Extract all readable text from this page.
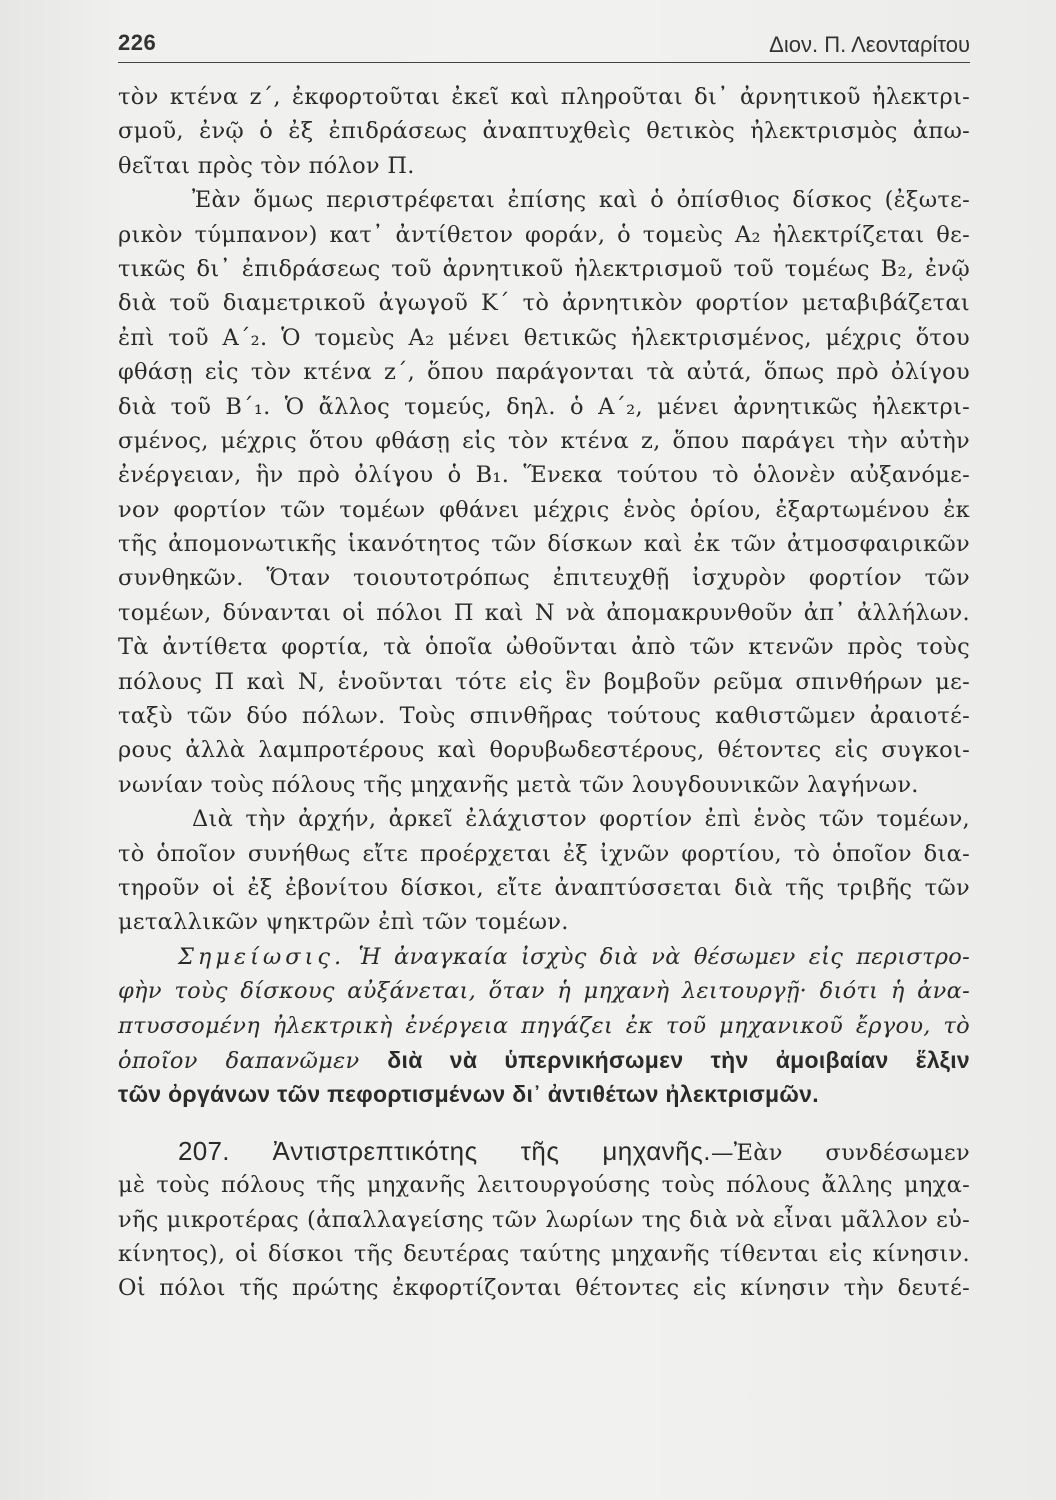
226	Διον. Π. Λεονταρίτου
τὸν κτένα z΄, ἐκφορτοῦται ἐκεῖ καὶ πληροῦται δι᾿ ἀρνητικοῦ ἠλεκτρι-
σμοῦ, ἐνῷ ὁ ἐξ ἐπιδράσεως ἀναπτυχθεὶς θετικὸς ἠλεκτρισμὸς ἀπω-
θεῖται πρὸς τὸν πόλον Π.
Ἐὰν ὅμως περιστρέφεται ἐπίσης καὶ ὁ ὀπίσθιος δίσκος (ἐξωτε-
ρικὸν τύμπανον) κατ᾿ ἀντίθετον φοράν, ὁ τομεὺς Α₂ ἠλεκτρίζεται θε-
τικῶς δι᾿ ἐπιδράσεως τοῦ ἀρνητικοῦ ἠλεκτρισμοῦ τοῦ τομέως Β₂, ἐνῷ
διὰ τοῦ διαμετρικοῦ ἀγωγοῦ Κ΄ τὸ ἀρνητικὸν φορτίον μεταβιβάζεται
ἐπὶ τοῦ Α΄₂. Ὁ τομεὺς Α₂ μένει θετικῶς ἠλεκτρισμένος, μέχρις ὅτου
φθάσῃ εἰς τὸν κτένα z΄, ὅπου παράγονται τὰ αὐτά, ὅπως πρὸ ὀλίγου
διὰ τοῦ Β΄₁. Ὁ ἄλλος τομεύς, δηλ. ὁ Α΄₂, μένει ἀρνητικῶς ἠλεκτρι-
σμένος, μέχρις ὅτου φθάσῃ εἰς τὸν κτένα z, ὅπου παράγει τὴν αὐτὴν
ἐνέργειαν, ἣν πρὸ ὀλίγου ὁ Β₁. Ἕνεκα τούτου τὸ ὁλονὲν αὐξανόμε-
νον φορτίον τῶν τομέων φθάνει μέχρις ἑνὸς ὁρίου, ἐξαρτωμένου ἐκ
τῆς ἀπομονωτικῆς ἱκανότητος τῶν δίσκων καὶ ἐκ τῶν ἀτμοσφαιρικῶν
συνθηκῶν. Ὅταν τοιουτοτρόπως ἐπιτευχθῇ ἰσχυρὸν φορτίον τῶν
τομέων, δύνανται οἱ πόλοι Π καὶ Ν νὰ ἀπομακρυνθοῦν ἀπ᾿ ἀλλήλων.
Τὰ ἀντίθετα φορτία, τὰ ὁποῖα ὠθοῦνται ἀπὸ τῶν κτενῶν πρὸς τοὺς
πόλους Π καὶ Ν, ἑνοῦνται τότε εἰς ἓν βομβοῦν ρεῦμα σπινθήρων με-
ταξὺ τῶν δύο πόλων. Τοὺς σπινθῆρας τούτους καθιστῶμεν ἀραιοτέ-
ρους ἀλλὰ λαμπροτέρους καὶ θορυβωδεστέρους, θέτοντες εἰς συγκοι-
νωνίαν τοὺς πόλους τῆς μηχανῆς μετὰ τῶν λουγδουνικῶν λαγήνων.
Διὰ τὴν ἀρχήν, ἀρκεῖ ἐλάχιστον φορτίον ἐπὶ ἑνὸς τῶν τομέων,
τὸ ὁποῖον συνήθως εἴτε προέρχεται ἐξ ἰχνῶν φορτίου, τὸ ὁποῖον δια-
τηροῦν οἱ ἐξ ἐβονίτου δίσκοι, εἴτε ἀναπτύσσεται διὰ τῆς τριβῆς τῶν
μεταλλικῶν ψηκτρῶν ἐπὶ τῶν τομέων.
Σημείωσις. Ἡ ἀναγκαία ἰσχὺς διὰ νὰ θέσωμεν εἰς περιστρο-
φὴν τοὺς δίσκους αὐξάνεται, ὅταν ἡ μηχανὴ λειτουργῇ· διότι ἡ ἀνα-
πτυσσομένη ἠλεκτρικὴ ἐνέργεια πηγάζει ἐκ τοῦ μηχανικοῦ ἔργου, τὸ
ὁποῖον δαπανῶμεν διὰ νὰ ὑπερνικήσωμεν τὴν ἀμοιβαίαν ἕλξιν
τῶν ὀργάνων τῶν πεφορτισμένων δι᾿ ἀντιθέτων ἠλεκτρισμῶν.
207. Ἀντιστρεπτικότης τῆς μηχανῆς.—Ἐὰν συνδέσωμεν
μὲ τοὺς πόλους τῆς μηχανῆς λειτουργούσης τοὺς πόλους ἄλλης μηχα-
νῆς μικροτέρας (ἀπαλλαγείσης τῶν λωρίων της διὰ νὰ εἶναι μᾶλλον εὐ-
κίνητος), οἱ δίσκοι τῆς δευτέρας ταύτης μηχανῆς τίθενται εἰς κίνησιν.
Οἱ πόλοι τῆς πρώτης ἐκφορτίζονται θέτοντες εἰς κίνησιν τὴν δευτέ-
